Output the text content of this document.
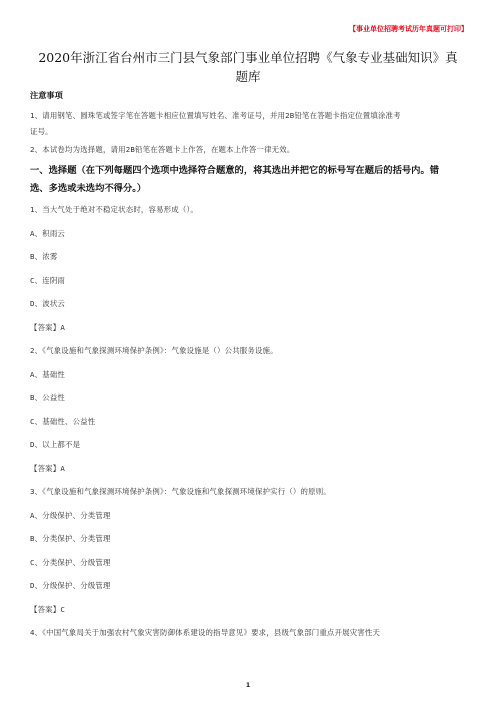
【事业单位招聘考试历年真题可打印】
2020年浙江省台州市三门县气象部门事业单位招聘《气象专业基础知识》真
题库
注意事项
1、请用钢笔、圆珠笔或签字笔在答题卡相应位置填写姓名、准考证号，并用2B铅笔在答题卡指定位置填涂准考
证号。
2、本试卷均为选择题，请用2B铅笔在答题卡上作答，在题本上作答一律无效。
一、选择题（在下列每题四个选项中选择符合题意的，将其选出并把它的标号写在题后的括号内。错
选、多选或未选均不得分。）
1、当大气处于绝对不稳定状态时，容易形成（）。
A、积雨云
B、浓雾
C、连阴雨
D、波状云
【答案】A
2、《气象设施和气象探测环境保护条例》：气象设施是（）公共服务设施。
A、基础性
B、公益性
C、基础性、公益性
D、以上都不是
【答案】A
3、《气象设施和气象探测环境保护条例》：气象设施和气象探测环境保护实行（）的原则。
A、分级保护、分类管理
B、分类保护、分类管理
C、分类保护、分级管理
D、分级保护、分级管理
【答案】C
4、《中国气象局关于加强农村气象灾害防御体系建设的指导意见》要求，县级气象部门重点开展灾害性天
1
